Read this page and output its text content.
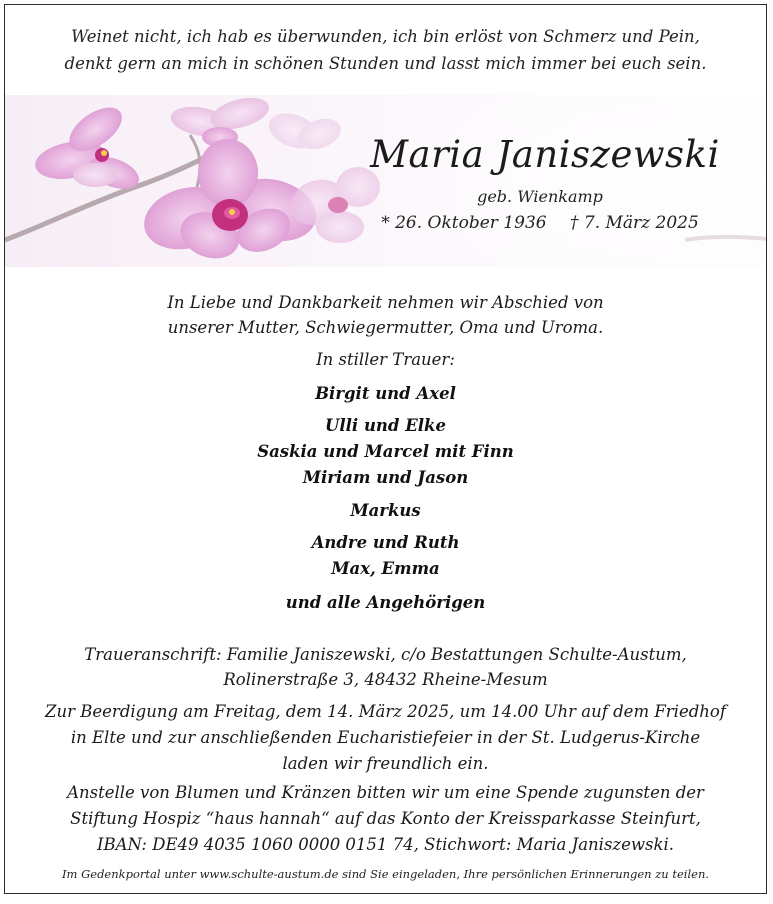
Weinet nicht, ich hab es überwunden, ich bin erlöst von Schmerz und Pein,
denkt gern an mich in schönen Stunden und lasst mich immer bei euch sein.
Maria Janiszewski
geb. Wienkamp
* 26. Oktober 1936 † 7. März 2025
In Liebe und Dankbarkeit nehmen wir Abschied von
unserer Mutter, Schwiegermutter, Oma und Uroma.
In stiller Trauer:
Birgit und Axel
Ulli und Elke
Saskia und Marcel mit Finn
Miriam und Jason
Markus
Andre und Ruth
Max, Emma
und alle Angehörigen
Traueranschrift: Familie Janiszewski, c/o Bestattungen Schulte-Austum,
Rolinerstraße 3, 48432 Rheine-Mesum
Zur Beerdigung am Freitag, dem 14. März 2025, um 14.00 Uhr auf dem Friedhof
in Elte und zur anschließenden Eucharistiefeier in der St. Ludgerus-Kirche
laden wir freundlich ein.
Anstelle von Blumen und Kränzen bitten wir um eine Spende zugunsten der
Stiftung Hospiz “haus hannah“ auf das Konto der Kreissparkasse Steinfurt,
IBAN: DE49 4035 1060 0000 0151 74, Stichwort: Maria Janiszewski.
Im Gedenkportal unter www.schulte-austum.de sind Sie eingeladen, Ihre persönlichen Erinnerungen zu teilen.
